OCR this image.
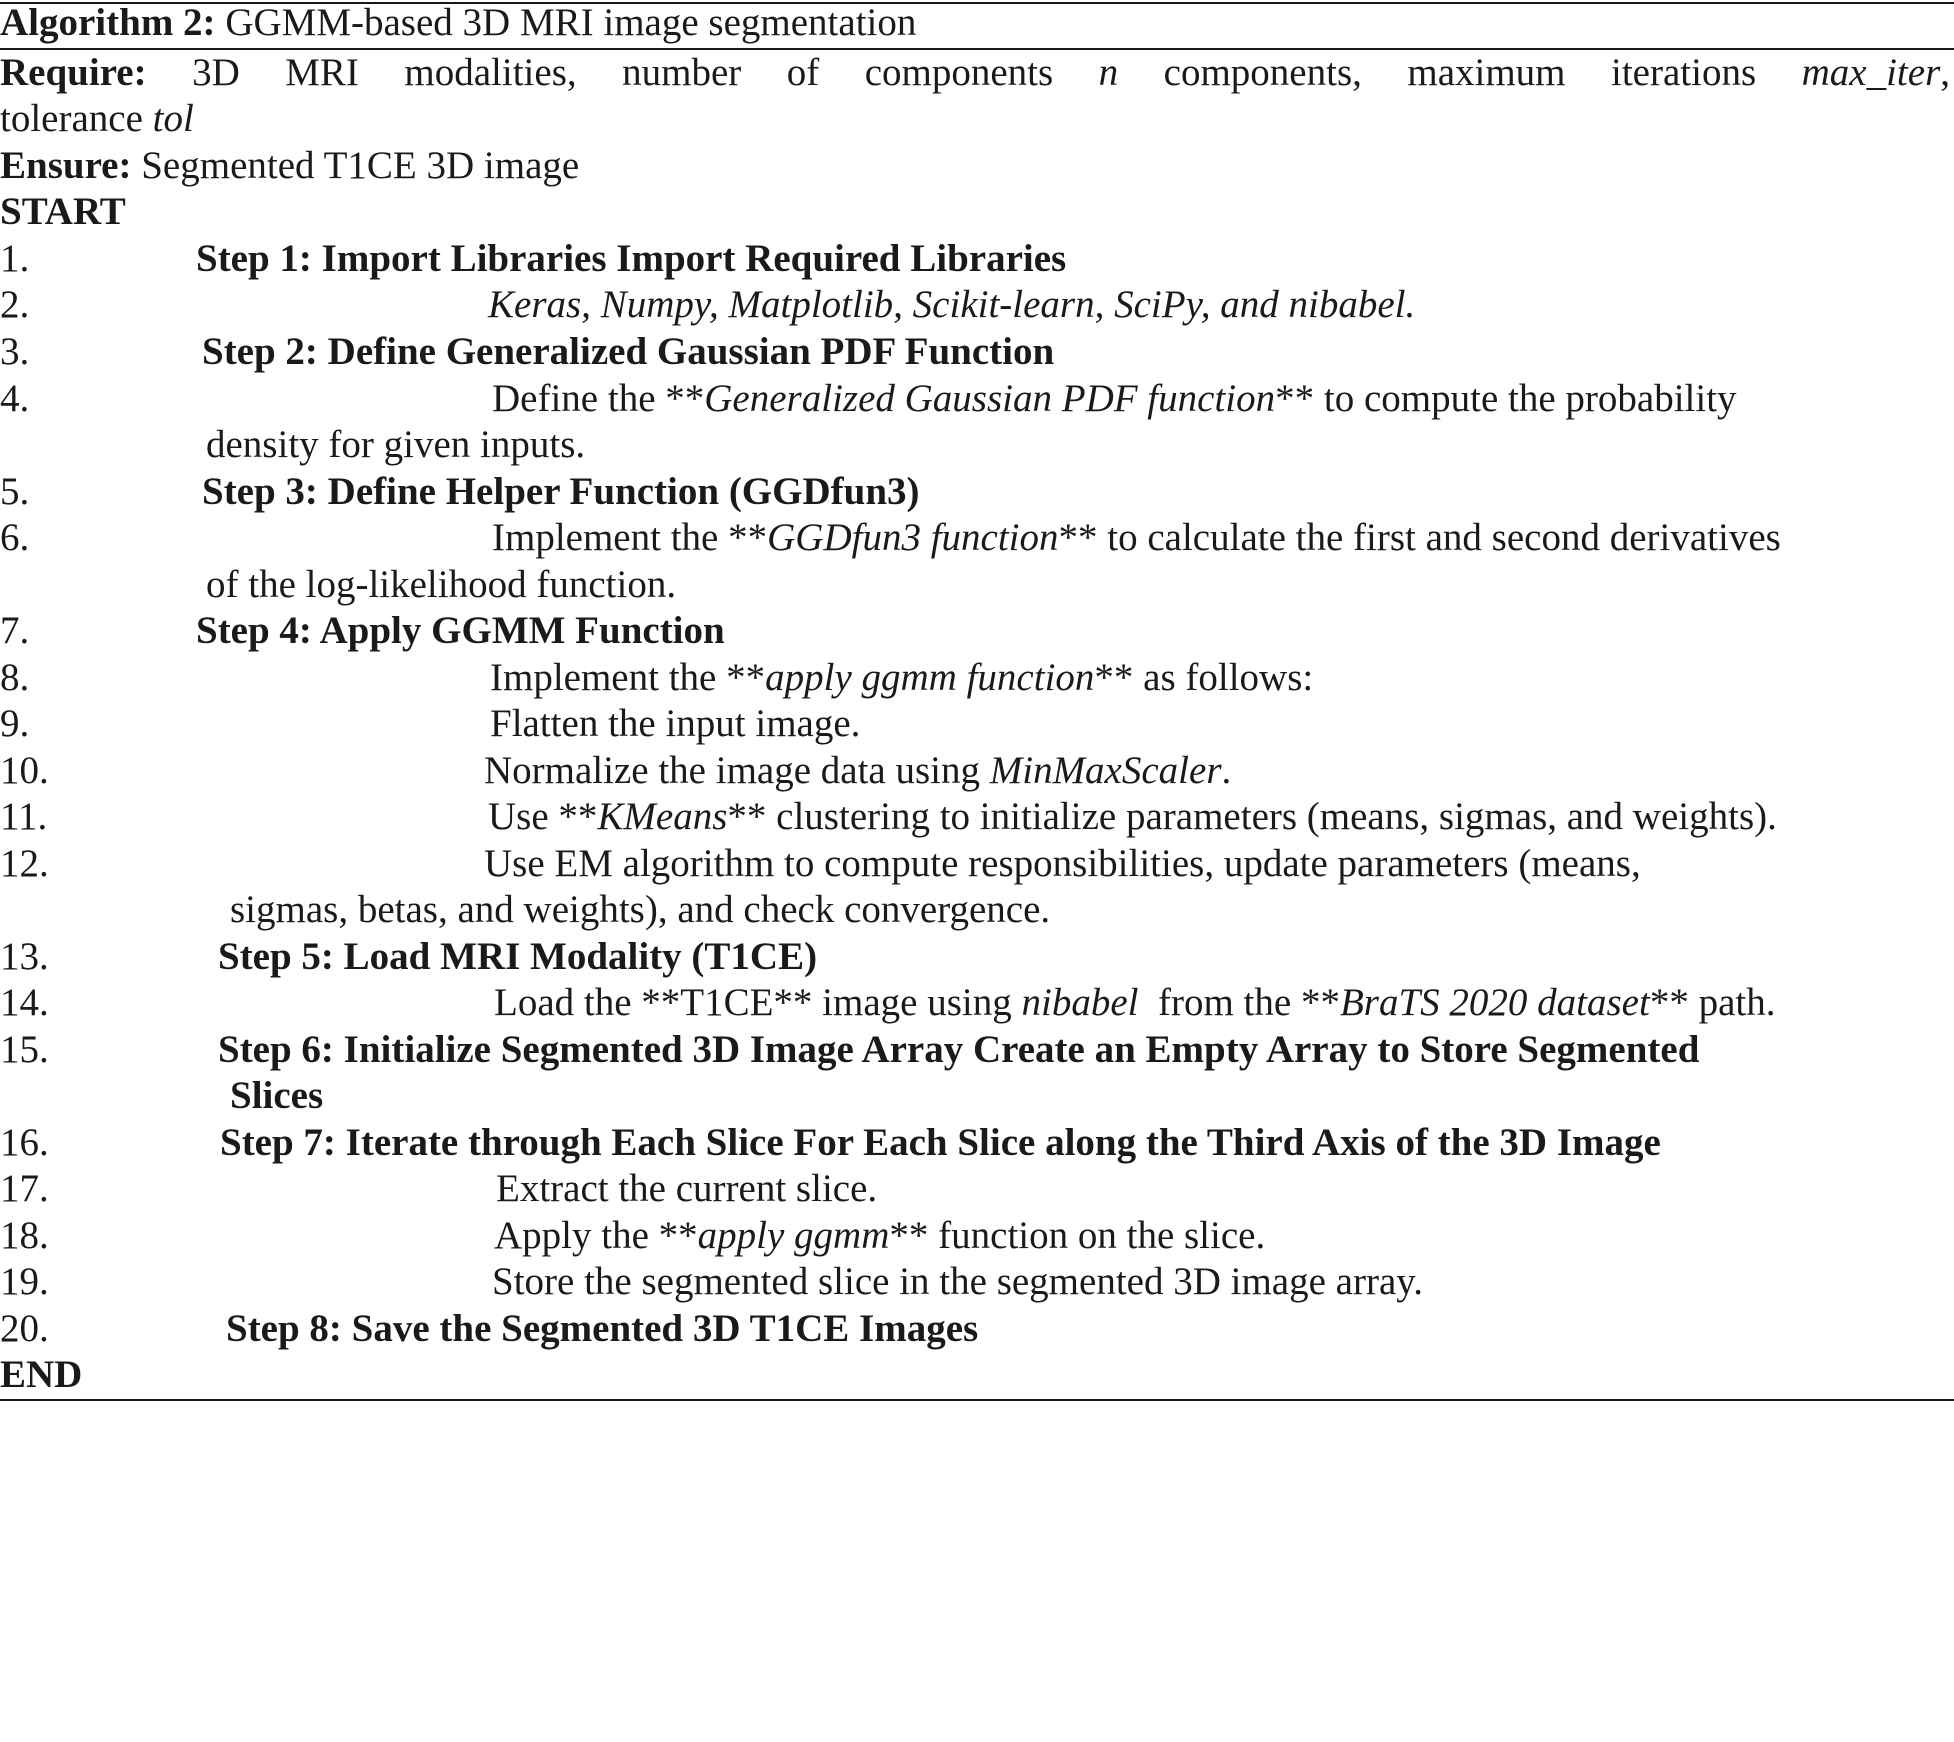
Algorithm 2: GGMM-based 3D MRI image segmentation
Require: 3D MRI modalities, number of components n components, maximum iterations max_iter,
tolerance tol
Ensure: Segmented T1CE 3D image
START
1.	Step 1: Import Libraries Import Required Libraries
2.	Keras, Numpy, Matplotlib, Scikit-learn, SciPy, and nibabel.
3.	Step 2: Define Generalized Gaussian PDF Function
4.	Define the **Generalized Gaussian PDF function** to compute the probability
density for given inputs.
5.	Step 3: Define Helper Function (GGDfun3)
6.	Implement the **GGDfun3 function** to calculate the first and second derivatives
of the log-likelihood function.
7.	Step 4: Apply GGMM Function
8.	Implement the **apply ggmm function** as follows:
9.	Flatten the input image.
10.	Normalize the image data using MinMaxScaler.
11.	Use **KMeans** clustering to initialize parameters (means, sigmas, and weights).
12.	Use EM algorithm to compute responsibilities, update parameters (means,
sigmas, betas, and weights), and check convergence.
13.	Step 5: Load MRI Modality (T1CE)
14.	Load the **T1CE** image using nibabel  from the **BraTS 2020 dataset** path.
15.	Step 6: Initialize Segmented 3D Image Array Create an Empty Array to Store Segmented
Slices
16.	Step 7: Iterate through Each Slice For Each Slice along the Third Axis of the 3D Image
17.	Extract the current slice.
18.	Apply the **apply ggmm** function on the slice.
19.	Store the segmented slice in the segmented 3D image array.
20.	Step 8: Save the Segmented 3D T1CE Images
END
